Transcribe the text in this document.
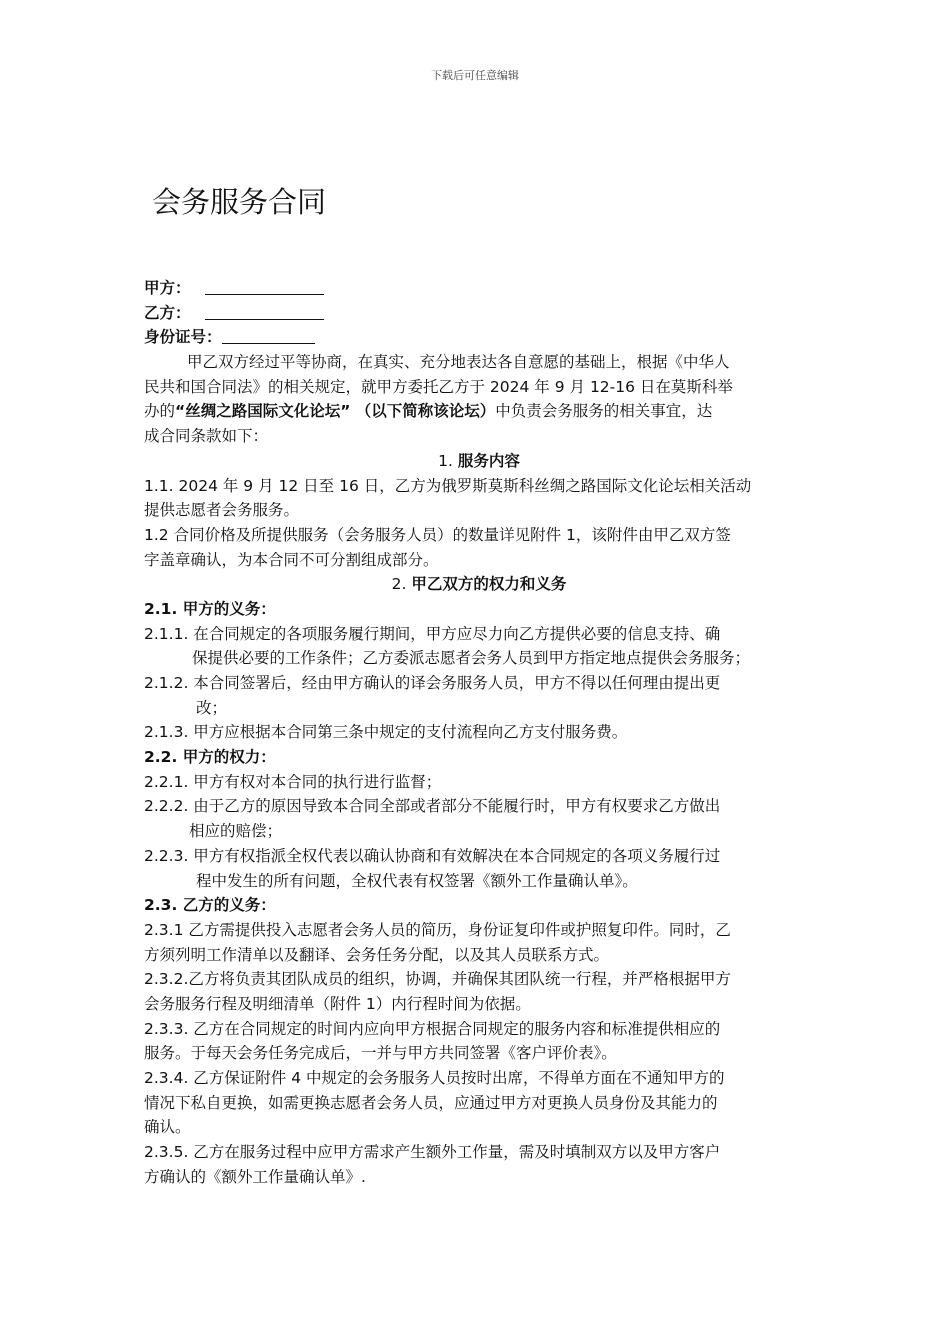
下载后可任意编辑
会务服务合同
甲方：
乙方：
身份证号：
甲乙双方经过平等协商，在真实、充分地表达各自意愿的基础上，根据《中华人
民共和国合同法》的相关规定，就甲方委托乙方于 2024 年 9 月 12-16 日在莫斯科举
办的“丝绸之路国际文化论坛” （以下简称该论坛）中负责会务服务的相关事宜，达
成合同条款如下：
1. 服务内容
1.1. 2024 年 9 月 12 日至 16 日，乙方为俄罗斯莫斯科丝绸之路国际文化论坛相关活动
提供志愿者会务服务。
1.2 合同价格及所提供服务（会务服务人员）的数量详见附件 1，该附件由甲乙双方签
字盖章确认，为本合同不可分割组成部分。
2. 甲乙双方的权力和义务
2.1. 甲方的义务：
2.1.1. 在合同规定的各项服务履行期间，甲方应尽力向乙方提供必要的信息支持、确
保提供必要的工作条件；乙方委派志愿者会务人员到甲方指定地点提供会务服务；
2.1.2. 本合同签署后，经由甲方确认的译会务服务人员，甲方不得以任何理由提出更
改；
2.1.3. 甲方应根据本合同第三条中规定的支付流程向乙方支付服务费。
2.2. 甲方的权力：
2.2.1. 甲方有权对本合同的执行进行监督；
2.2.2. 由于乙方的原因导致本合同全部或者部分不能履行时，甲方有权要求乙方做出
相应的赔偿；
2.2.3. 甲方有权指派全权代表以确认协商和有效解决在本合同规定的各项义务履行过
程中发生的所有问题，全权代表有权签署《额外工作量确认单》。
2.3. 乙方的义务：
2.3.1 乙方需提供投入志愿者会务人员的简历，身份证复印件或护照复印件。同时，乙
方须列明工作清单以及翻译、会务任务分配，以及其人员联系方式。
2.3.2.乙方将负责其团队成员的组织，协调，并确保其团队统一行程，并严格根据甲方
会务服务行程及明细清单（附件 1）内行程时间为依据。
2.3.3. 乙方在合同规定的时间内应向甲方根据合同规定的服务内容和标准提供相应的
服务。于每天会务任务完成后，一并与甲方共同签署《客户评价表》。
2.3.4. 乙方保证附件 4 中规定的会务服务人员按时出席，不得单方面在不通知甲方的
情况下私自更换，如需更换志愿者会务人员，应通过甲方对更换人员身份及其能力的
确认。
2.3.5. 乙方在服务过程中应甲方需求产生额外工作量，需及时填制双方以及甲方客户
方确认的《额外工作量确认单》.
